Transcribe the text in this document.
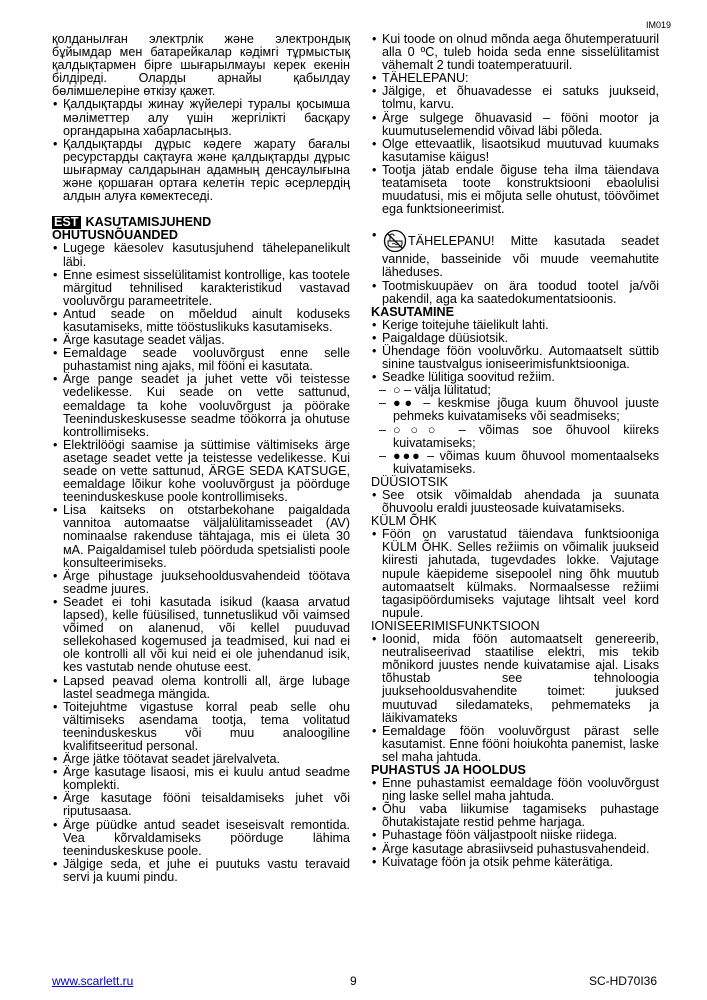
IM019
қолданылған электрлік және электрондық бұйымдар мен батарейкалар кәдімгі тұрмыстық қалдықтармен бірге шығарылмауы керек екенін білдіреді. Оларды арнайы қабылдау бөлімшелеріне өткізу қажет.
• Қалдықтарды жинау жүйелері туралы қосымша мәліметтер алу үшін жергілікті басқару органдарына хабарласыңыз.
• Қалдықтарды дұрыс кәдеге жарату бағалы ресурстарды сақтауға және қалдықтарды дұрыс шығармау салдарынан адамның денсаулығына және қоршаған ортаға келетін теріс әсерлердің алдын алуға көмектеседі.
EST KASUTAMISJUHEND
OHUTUSNÕUANDED
• Lugege käesolev kasutusjuhend tähelepanelikult läbi.
• Enne esimest sisselülitamist kontrollige, kas tootele märgitud tehnilised karakteristikud vastavad vooluvõrgu parameetritele.
• Antud seade on mõeldud ainult koduseks kasutamiseks, mitte tööstuslikuks kasutamiseks.
• Ärge kasutage seadet väljas.
• Eemaldage seade vooluvõrgust enne selle puhastamist ning ajaks, mil fööni ei kasutata.
• Ärge pange seadet ja juhet vette või teistesse vedelikesse. Kui seade on vette sattunud, eemaldage ta kohe vooluvõrgust ja pöörake Teeninduskeskusesse seadme töökorra ja ohutuse kontrollimiseks.
• Elektrilöögi saamise ja süttimise vältimiseks ärge asetage seadet vette ja teistesse vedelikesse. Kui seade on vette sattunud, ÄRGE SEDA KATSUGE, eemaldage lõikur kohe vooluvõrgust ja pöörduge teeninduskeskuse poole kontrollimiseks.
• Lisa kaitseks on otstarbekohane paigaldada vannitoa automaatse väljalülitamisseadet (AV) nominaalse rakenduse tähtajaga, mis ei ületa 30 мА. Paigaldamisel tuleb pöörduda spetsialisti poole konsulteerimiseks.
• Ärge pihustage juuksehooldusvahendeid töötava seadme juures.
• Seadet ei tohi kasutada isikud (kaasa arvatud lapsed), kelle füüsilised, tunnetuslikud või vaimsed võimed on alanenud, või kellel puuduvad sellekohased kogemused ja teadmised, kui nad ei ole kontrolli all või kui neid ei ole juhendanud isik, kes vastutab nende ohutuse eest.
• Lapsed peavad olema kontrolli all, ärge lubage lastel seadmega mängida.
• Toitejuhtme vigastuse korral peab selle ohu vältimiseks asendama tootja, tema volitatud teeninduskeskus või muu analoogiline kvalifitseeritud personal.
• Ärge jätke töötavat seadet järelvalveta.
• Ärge kasutage lisaosi, mis ei kuulu antud seadme komplekti.
• Ärge kasutage fööni teisaldamiseks juhet või riputusaasa.
• Ärge püüdke antud seadet iseseisvalt remontida. Vea kõrvaldamiseks pöörduge lähima teeninduskeskuse poole.
• Jälgige seda, et juhe ei puutuks vastu teravaid servi ja kuumi pindu.
• Kui toode on olnud mõnda aega õhutemperatuuril alla 0 ºC, tuleb hoida seda enne sisselülitamist vähemalt 2 tundi toatemperatuuril.
• TÄHELEPANU:
• Jälgige, et õhuavadesse ei satuks juukseid, tolmu, karvu.
• Ärge sulgege õhuavasid – fööni mootor ja kuumutuselemendid võivad läbi põleda.
• Olge ettevaatlik, lisaotsikud muutuvad kuumaks kasutamise käigus!
• Tootja jätab endale õiguse teha ilma täiendava teatamiseta toote konstruktsiooni ebaolulisi muudatusi, mis ei mõjuta selle ohutust, töövõimet ega funktsioneerimist.
• TÄHELEPANU! Mitte kasutada seadet vannide, basseinide või muude veemahutite läheduses.
• Tootmiskuupäev on ära toodud tootel ja/või pakendil, aga ka saatedokumentatsioonis.
KASUTAMINE
• Kerige toitejuhe täielikult lahti.
• Paigaldage düüsiotsik.
• Ühendage föön vooluvõrku. Automaatselt süttib sinine taustvalgus ioniseerimisfunktsiooniga.
• Seadke lülitiga soovitud režiim.
– ○ – välja lülitatud;
– ●● – keskmise jõuga kuum õhuvool juuste pehmeks kuivatamiseks või seadmiseks;
– ○○○ – võimas soe õhuvool kiireks kuivatamiseks;
– ●●● – võimas kuum õhuvool momentaalseks kuivatamiseks.
DÜÜSIOTSIK
• See otsik võimaldab ahendada ja suunata õhuvoolu eraldi juusteosade kuivatamiseks.
KÜLM ÕHK
• Föön on varustatud täiendava funktsiooniga KÜLM ÕHK. Selles režiimis on võimalik juukseid kiiresti jahutada, tugevdades lokke. Vajutage nupule käepideme sisepoolel ning õhk muutub automaatselt külmaks. Normaalsesse režiimi tagasipöördumiseks vajutage lihtsalt veel kord nupule.
IONISEERIMISFUNKTSIOON
• Ioonid, mida föön automaatselt genereerib, neutraliseerivad staatilise elektri, mis tekib mõnikord juustes nende kuivatamise ajal. Lisaks tõhustab see tehnoloogia juuksehooldusvahendite toimet: juuksed muutuvad siledamateks, pehmemateks ja läikivamateks
• Eemaldage föön vooluvõrgust pärast selle kasutamist. Enne fööni hoiukohta panemist, laske sel maha jahtuda.
PUHASTUS JA HOOLDUS
• Enne puhastamist eemaldage föön vooluvõrgust ning laske sellel maha jahtuda.
• Õhu vaba liikumise tagamiseks puhastage õhutakistajate restid pehme harjaga.
• Puhastage föön väljastpoolt niiske riidega.
• Ärge kasutage abrasiivseid puhastusvahendeid.
• Kuivatage föön ja otsik pehme käterätiga.
www.scarlett.ru	9	SC-HD70I36
